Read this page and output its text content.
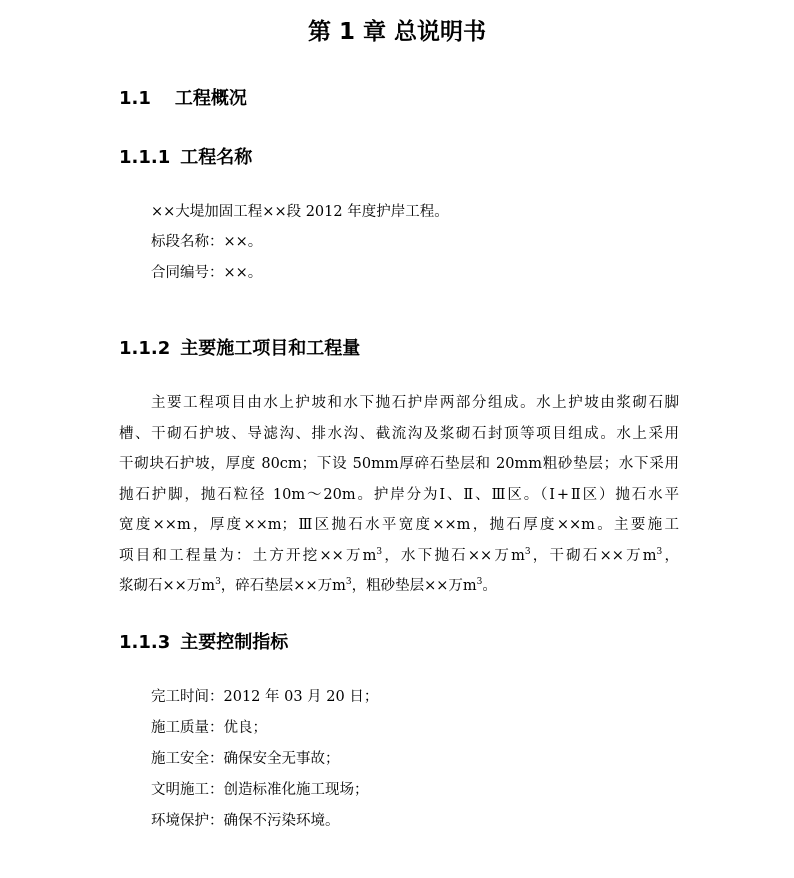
第 1 章 总说明书
1.1 工程概况
1.1.1 工程名称

××大堤加固工程××段 2012 年度护岸工程。

标段名称：××。

合同编号：××。

1.1.2 主要施工项目和工程量
主要工程项目由水上护坡和水下抛石护岸两部分组成。水上护坡由浆砌石脚
槽、干砌石护坡、导滤沟、排水沟、截流沟及浆砌石封顶等项目组成。水上采用
干砌块石护坡，厚度 80cm；下设 50mm厚碎石垫层和 20mm粗砂垫层；水下采用
抛石护脚，抛石粒径 10m～20m。护岸分为Ⅰ、Ⅱ、Ⅲ区。（Ⅰ+Ⅱ区）抛石水平
宽度××m，厚度××m；Ⅲ区抛石水平宽度××m，抛石厚度××m。主要施工
项目和工程量为：土方开挖××万$m^3$，水下抛石××万$m^3$，干砌石××万$m^3$，
浆砌石××万$m^3$，碎石垫层××万$m^3$，粗砂垫层××万$m^3$。
1.1.3 主要控制指标

完工时间：2012 年 03 月 20 日；

施工质量：优良；

施工安全：确保安全无事故；

文明施工：创造标准化施工现场；

环境保护：确保不污染环境。
